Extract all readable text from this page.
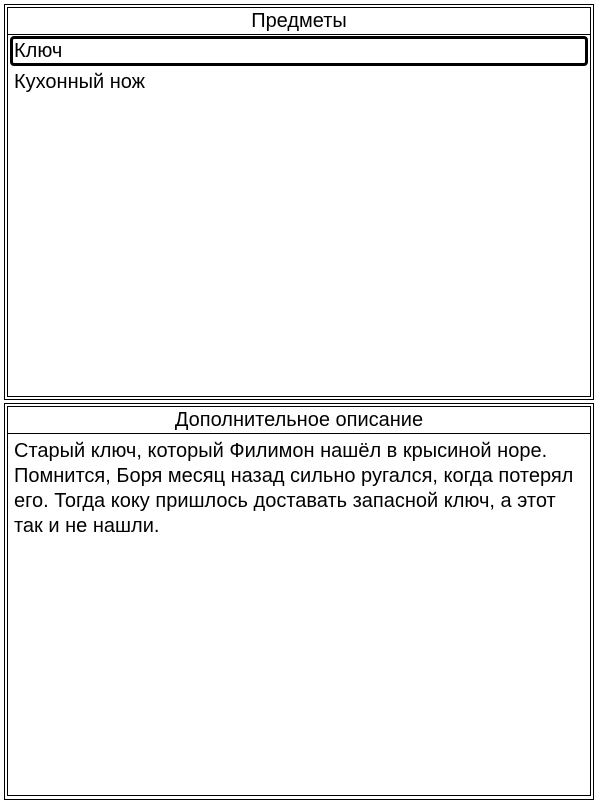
Предметы
Ключ
Кухонный нож
Дополнительное описание

Старый ключ, который Филимон нашёл в крысиной норе. Помнится, Боря месяц назад сильно ругался, когда потерял его. Тогда коку пришлось доставать запасной ключ, а этот так и не нашли.
